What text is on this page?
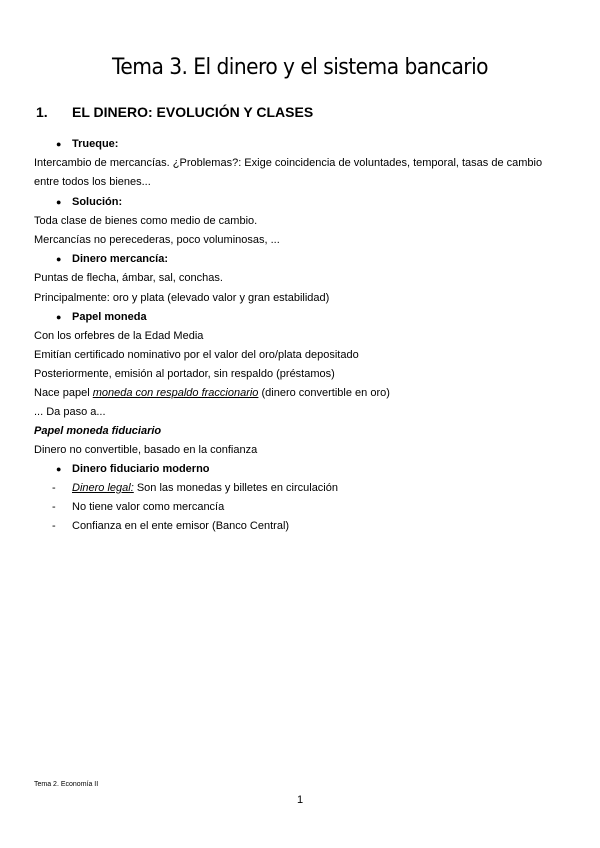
Tema 3. El dinero y el sistema bancario
1. EL DINERO: EVOLUCIÓN Y CLASES
● Trueque:
Intercambio de mercancías. ¿Problemas?: Exige coincidencia de voluntades, temporal, tasas de cambio
entre todos los bienes...
● Solución:
Toda clase de bienes como medio de cambio.
Mercancías no perecederas, poco voluminosas, ...
● Dinero mercancía:
Puntas de flecha, ámbar, sal, conchas.
Principalmente: oro y plata (elevado valor y gran estabilidad)
● Papel moneda
Con los orfebres de la Edad Media
Emitían certificado nominativo por el valor del oro/plata depositado
Posteriormente, emisión al portador, sin respaldo (préstamos)
Nace papel moneda con respaldo fraccionario (dinero convertible en oro)
... Da paso a...
Papel moneda fiduciario
Dinero no convertible, basado en la confianza
● Dinero fiduciario moderno
- Dinero legal: Son las monedas y billetes en circulación
- No tiene valor como mercancía
- Confianza en el ente emisor (Banco Central)
Tema 2. Economía II
1
